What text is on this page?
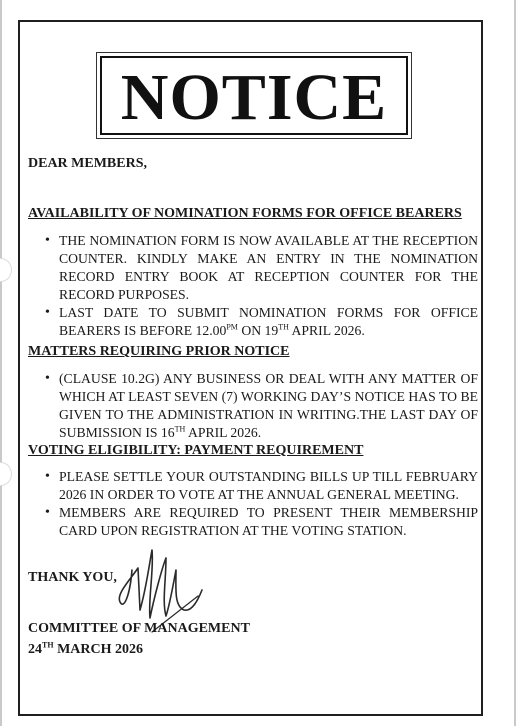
NOTICE
DEAR MEMBERS,
AVAILABILITY OF NOMINATION FORMS FOR OFFICE BEARERS
• THE NOMINATION FORM IS NOW AVAILABLE AT THE RECEPTION COUNTER. KINDLY MAKE AN ENTRY IN THE NOMINATION RECORD ENTRY BOOK AT RECEPTION COUNTER FOR THE RECORD PURPOSES.
• LAST DATE TO SUBMIT NOMINATION FORMS FOR OFFICE BEARERS IS BEFORE $12.00^{PM}$ ON 19TH APRIL 2026.
MATTERS REQUIRING PRIOR NOTICE
• (CLAUSE 10.2G) ANY BUSINESS OR DEAL WITH ANY MATTER OF WHICH AT LEAST SEVEN (7) WORKING DAY’S NOTICE HAS TO BE GIVEN TO THE ADMINISTRATION IN WRITING.THE LAST DAY OF SUBMISSION IS 16TH APRIL 2026.
VOTING ELIGIBILITY: PAYMENT REQUIREMENT
• PLEASE SETTLE YOUR OUTSTANDING BILLS UP TILL FEBRUARY 2026 IN ORDER TO VOTE AT THE ANNUAL GENERAL MEETING.
• MEMBERS ARE REQUIRED TO PRESENT THEIR MEMBERSHIP CARD UPON REGISTRATION AT THE VOTING STATION.
THANK YOU,
COMMITTEE OF MANAGEMENT
24TH MARCH 2026
